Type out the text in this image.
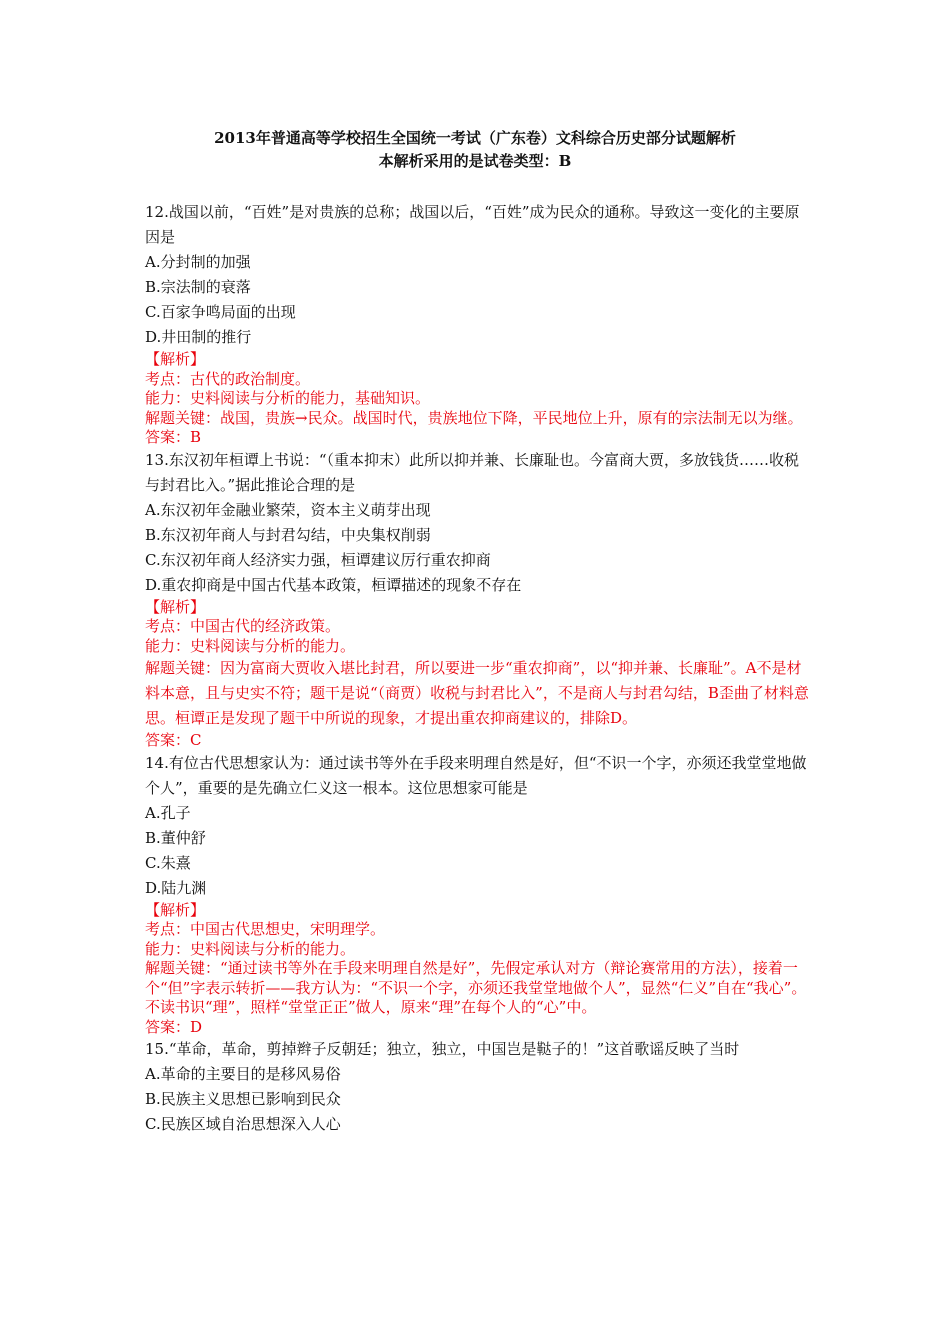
2013年普通高等学校招生全国统一考试（广东卷）文科综合历史部分试题解析
本解析采用的是试卷类型：B

12.战国以前，“百姓”是对贵族的总称；战国以后，“百姓”成为民众的通称。导致这一变化的主要原因是

A.分封制的加强

B.宗法制的衰落

C.百家争鸣局面的出现

D.井田制的推行

【解析】

考点：古代的政治制度。

能力：史料阅读与分析的能力，基础知识。

解题关键：战国，贵族→民众。战国时代，贵族地位下降，平民地位上升，原有的宗法制无以为继。

答案：B

13.东汉初年桓谭上书说：“（重本抑末）此所以抑并兼、长廉耻也。今富商大贾，多放钱货……收税与封君比入。”据此推论合理的是

A.东汉初年金融业繁荣，资本主义萌芽出现

B.东汉初年商人与封君勾结，中央集权削弱

C.东汉初年商人经济实力强，桓谭建议厉行重农抑商

D.重农抑商是中国古代基本政策，桓谭描述的现象不存在

【解析】

考点：中国古代的经济政策。

能力：史料阅读与分析的能力。

解题关键：因为富商大贾收入堪比封君，所以要进一步“重农抑商”，以“抑并兼、长廉耻”。A不是材料本意，且与史实不符；题干是说“（商贾）收税与封君比入”，不是商人与封君勾结，B歪曲了材料意思。桓谭正是发现了题干中所说的现象，才提出重农抑商建议的，排除D。

答案：C

14.有位古代思想家认为：通过读书等外在手段来明理自然是好，但“不识一个字，亦须还我堂堂地做个人”，重要的是先确立仁义这一根本。这位思想家可能是

A.孔子

B.董仲舒

C.朱熹

D.陆九渊

【解析】

考点：中国古代思想史，宋明理学。

能力：史料阅读与分析的能力。

解题关键：“通过读书等外在手段来明理自然是好”，先假定承认对方（辩论赛常用的方法），接着一个“但”字表示转折——我方认为：“不识一个字，亦须还我堂堂地做个人”，显然“仁义”自在“我心”。不读书识“理”，照样“堂堂正正”做人，原来“理”在每个人的“心”中。

答案：D

15.“革命，革命，剪掉辫子反朝廷；独立，独立，中国岂是鞑子的！”这首歌谣反映了当时

A.革命的主要目的是移风易俗

B.民族主义思想已影响到民众

C.民族区域自治思想深入人心
